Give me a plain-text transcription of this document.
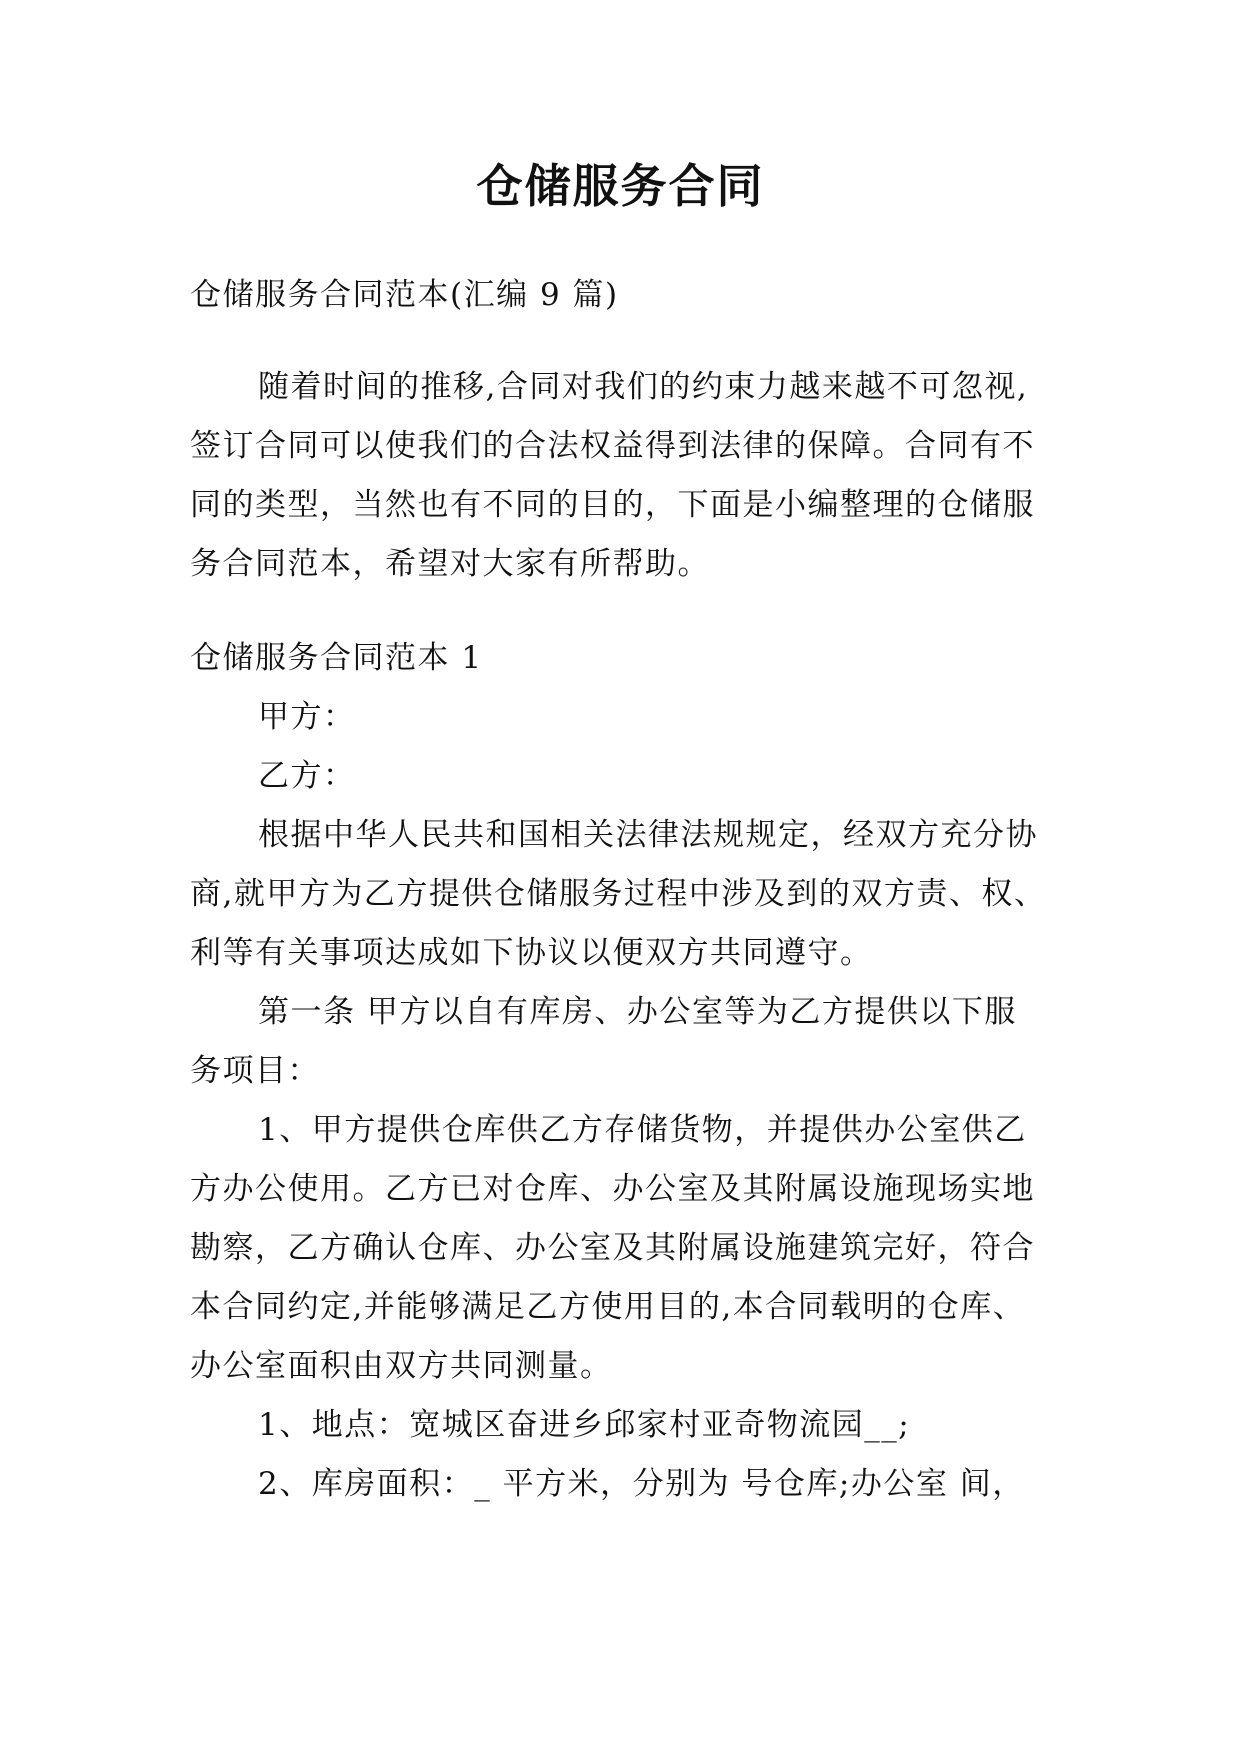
仓储服务合同
仓储服务合同范本(汇编 9 篇)
随着时间的推移,合同对我们的约束力越来越不可忽视,
签订合同可以使我们的合法权益得到法律的保障。合同有不
同的类型，当然也有不同的目的，下面是小编整理的仓储服
务合同范本，希望对大家有所帮助。
仓储服务合同范本 1
甲方：
乙方：
根据中华人民共和国相关法律法规规定，经双方充分协
商,就甲方为乙方提供仓储服务过程中涉及到的双方责、权、
利等有关事项达成如下协议以便双方共同遵守。
第一条 甲方以自有库房、办公室等为乙方提供以下服
务项目：
1、甲方提供仓库供乙方存储货物，并提供办公室供乙
方办公使用。乙方已对仓库、办公室及其附属设施现场实地
勘察，乙方确认仓库、办公室及其附属设施建筑完好，符合
本合同约定,并能够满足乙方使用目的,本合同载明的仓库、
办公室面积由双方共同测量。
1、地点：宽城区奋进乡邱家村亚奇物流园__;
2、库房面积：_ 平方米，分别为 号仓库;办公室 间，
